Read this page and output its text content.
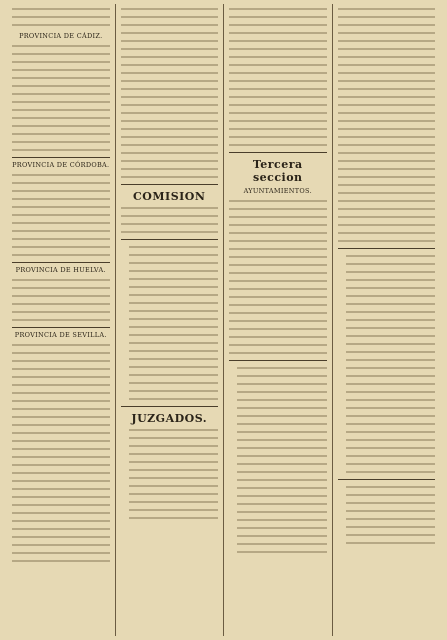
PROVINCIA DE CÁDIZ.
PROVINCIA DE CÓRDOBA.
PROVINCIA DE HUELVA.
PROVINCIA DE SEVILLA.
COMISION
JUZGADOS.
Tercera seccion
AYUNTAMIENTOS.
